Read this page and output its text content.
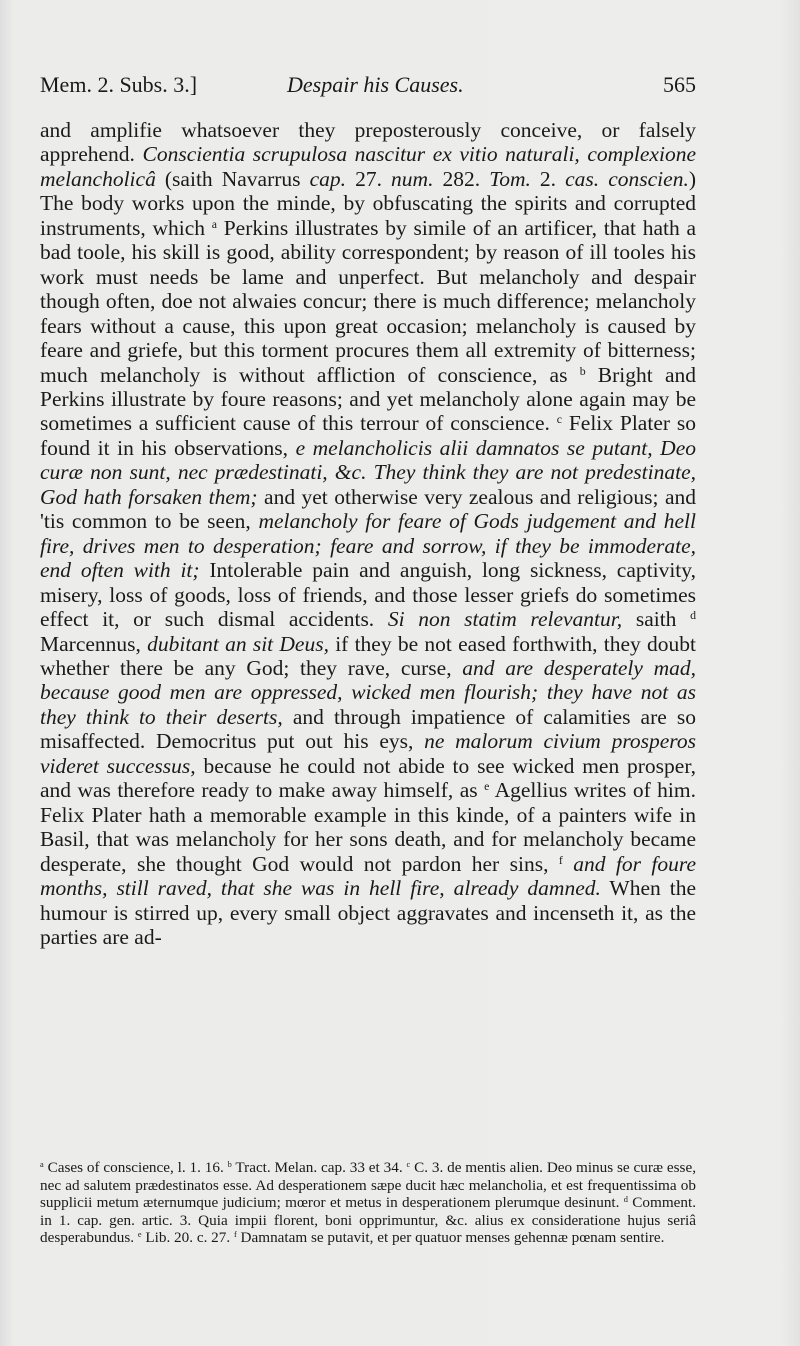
Mem. 2. Subs. 3.]	Despair his Causes.	565

and amplifie whatsoever they preposterously conceive, or falsely apprehend. Conscientia scrupulosa nascitur ex vitio naturali, complexione melancholicâ (saith Navarrus cap. 27. num. 282. Tom. 2. cas. conscien.) The body works upon the minde, by obfuscating the spirits and corrupted instruments, which $^a$ Perkins illustrates by simile of an artificer, that hath a bad toole, his skill is good, ability correspondent; by reason of ill tooles his work must needs be lame and unperfect. But melancholy and despair though often, doe not alwaies concur; there is much difference; melancholy fears without a cause, this upon great occasion; melancholy is caused by feare and griefe, but this torment procures them all extremity of bitterness; much melancholy is without affliction of conscience, as $^b$ Bright and Perkins illustrate by foure reasons; and yet melancholy alone again may be sometimes a sufficient cause of this terrour of conscience. $^c$ Felix Plater so found it in his observations, e melancholicis alii damnatos se putant, Deo curæ non sunt, nec prædestinati, &c. They think they are not predestinate, God hath forsaken them; and yet otherwise very zealous and religious; and 'tis common to be seen, melancholy for feare of Gods judgement and hell fire, drives men to desperation; feare and sorrow, if they be immoderate, end often with it; Intolerable pain and anguish, long sickness, captivity, misery, loss of goods, loss of friends, and those lesser griefs do sometimes effect it, or such dismal accidents. Si non statim relevantur, saith $^d$ Marcennus, dubitant an sit Deus, if they be not eased forthwith, they doubt whether there be any God; they rave, curse, and are desperately mad, because good men are oppressed, wicked men flourish; they have not as they think to their deserts, and through impatience of calamities are so misaffected. Democritus put out his eys, ne malorum civium prosperos videret successus, because he could not abide to see wicked men prosper, and was therefore ready to make away himself, as $^e$ Agellius writes of him. Felix Plater hath a memorable example in this kinde, of a painters wife in Basil, that was melancholy for her sons death, and for melancholy became desperate, she thought God would not pardon her sins, $^f$ and for foure months, still raved, that she was in hell fire, already damned. When the humour is stirred up, every small object aggravates and incenseth it, as the parties are ad-

$^a$ Cases of conscience, l. 1. 16. $^b$ Tract. Melan. cap. 33 et 34. $^c$ C. 3. de mentis alien. Deo minus se curæ esse, nec ad salutem prædestinatos esse. Ad desperationem sæpe ducit hæc melancholia, et est frequentissima ob supplicii metum æternumque judicium; mœror et metus in desperationem plerumque desinunt. $^d$ Comment. in 1. cap. gen. artic. 3. Quia impii florent, boni opprimuntur, &c. alius ex consideratione hujus seriâ desperabundus. $^e$ Lib. 20. c. 27. $^f$ Damnatam se putavit, et per quatuor menses gehennæ pœnam sentire.
